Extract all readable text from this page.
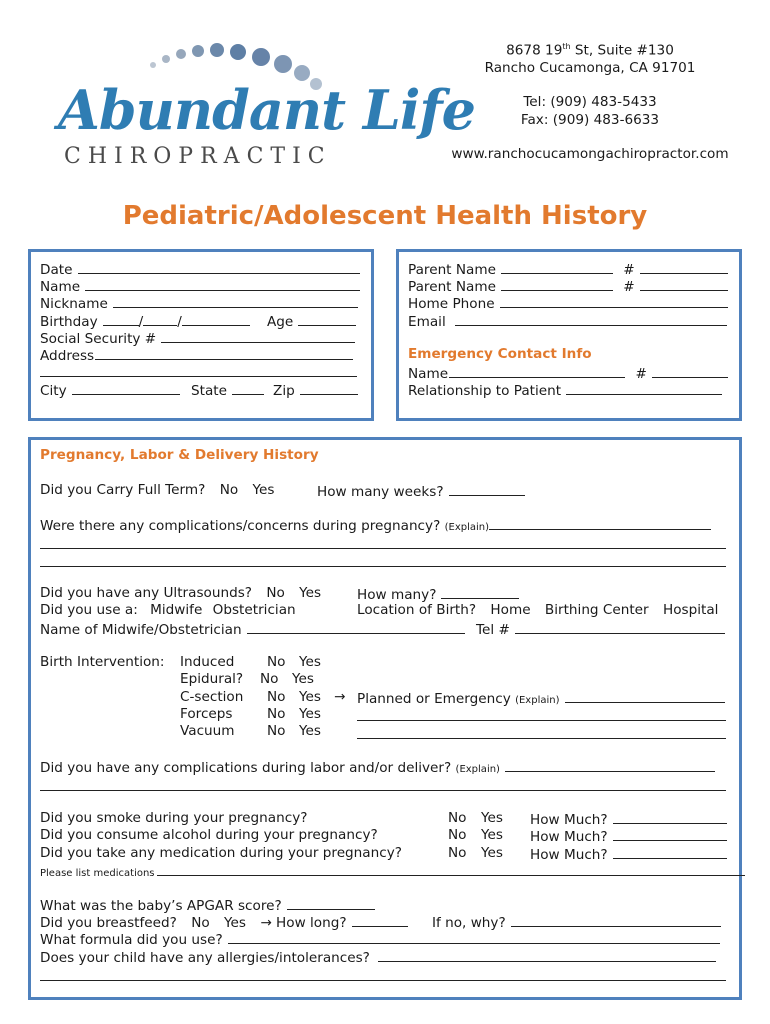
Abundant Life
CHIROPRACTIC
8678 19th St, Suite #130
Rancho Cucamonga, CA 91701
Tel: (909) 483-5433
Fax: (909) 483-6633
www.ranchocucamongachiropractor.com
Pediatric/Adolescent Health History
Date
Name
Nickname
Birthday	/	/	Age
Social Security #
Address
City	State	Zip
Parent Name	#
Parent Name	#
Home Phone
Email
Emergency Contact Info
Name	#
Relationship to Patient
Pregnancy, Labor & Delivery History
Did you Carry Full Term? No Yes	How many weeks?
Were there any complications/concerns during pregnancy? (Explain)
Did you have any Ultrasounds? No Yes	How many?
Did you use a: Midwife Obstetrician	Location of Birth? Home Birthing Center Hospital
Name of Midwife/Obstetrician	Tel #
Birth Intervention: Induced No Yes
Epidural? No Yes
C-section No Yes → Planned or Emergency (Explain)
Forceps	No Yes
Vacuum No Yes
Did you have any complications during labor and/or deliver? (Explain)
Did you smoke during your pregnancy?	No Yes How Much?
Did you consume alcohol during your pregnancy?	No Yes How Much?
Did you take any medication during your pregnancy?	No Yes How Much?
Please list medications
What was the baby’s APGAR score?
Did you breastfeed? No Yes → How long?	If no, why?
What formula did you use?
Does your child have any allergies/intolerances?
